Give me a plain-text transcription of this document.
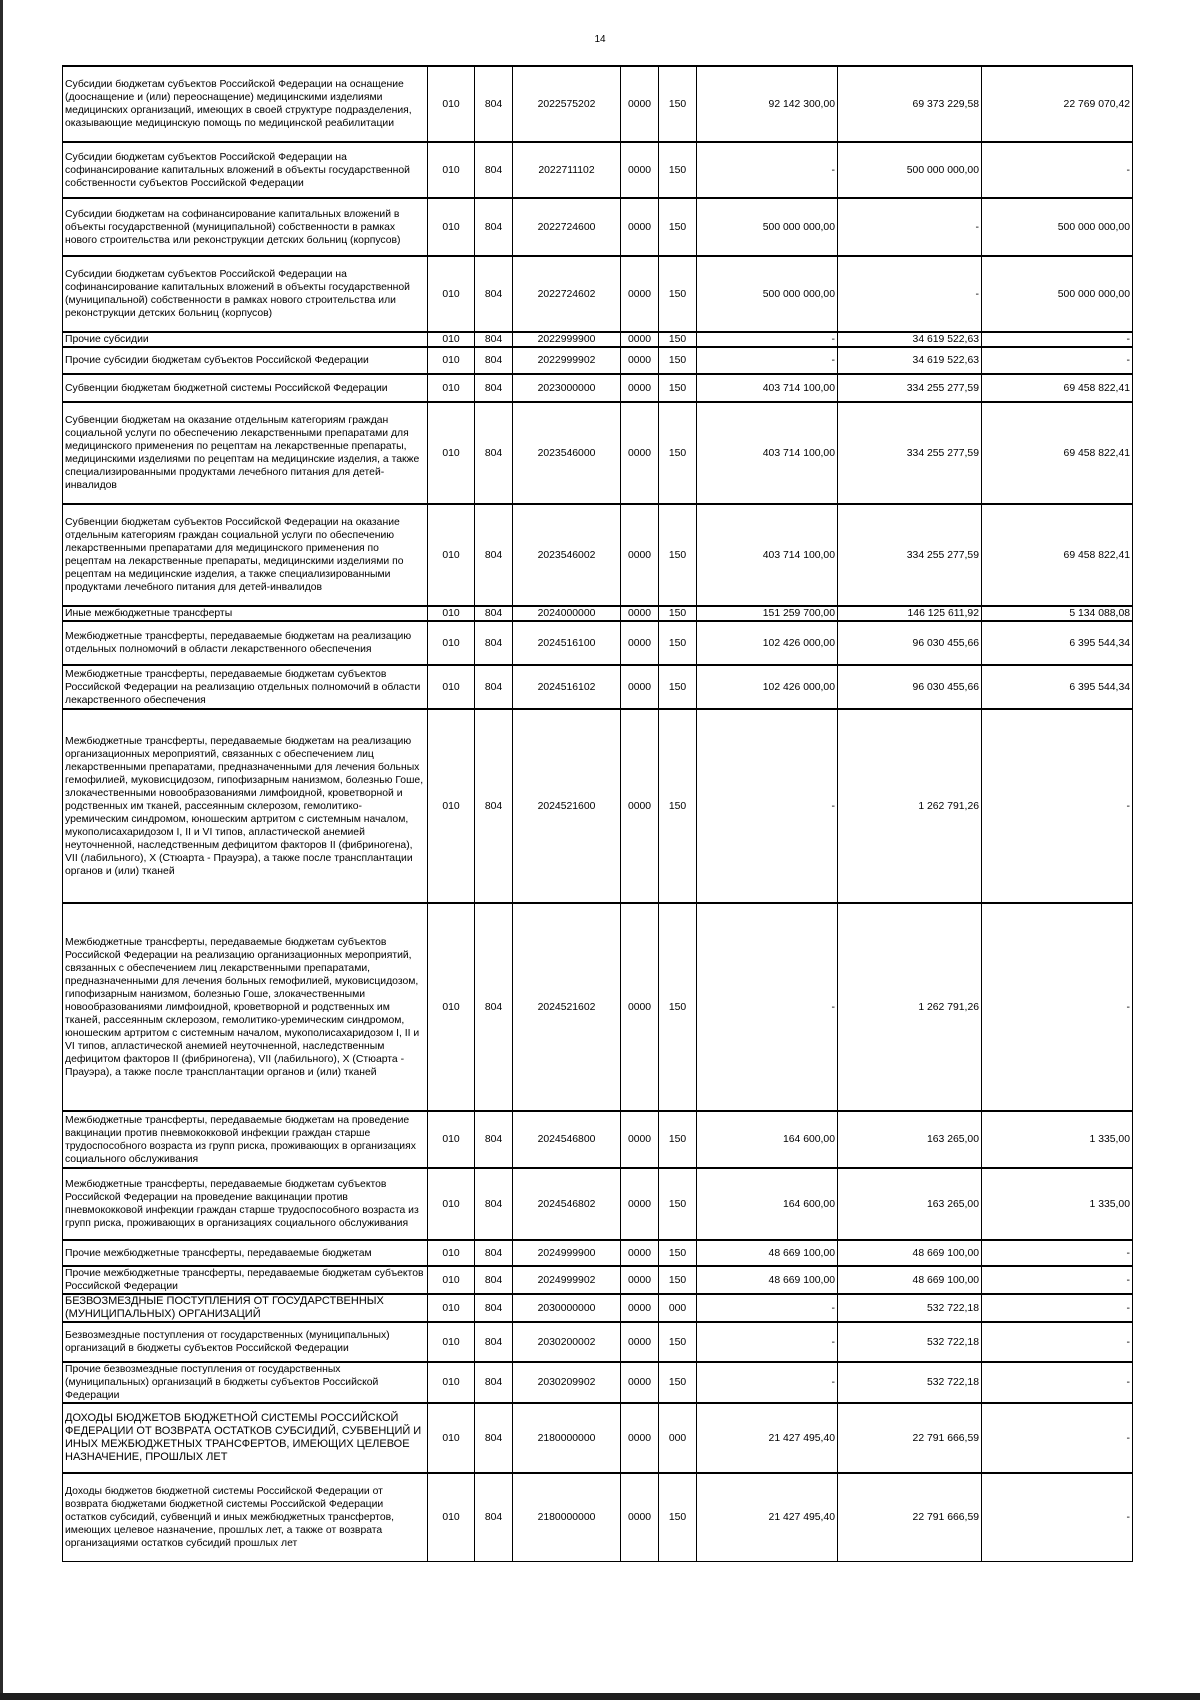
14
Субсидии бюджетам субъектов Российской Федерации на оснащение (дооснащение и (или) переоснащение) медицинскими изделиями медицинских организаций, имеющих в своей структуре подразделения, оказывающие медицинскую помощь по медицинской реабилитации	010	804	2022575202	0000	150	92 142 300,00	69 373 229,58	22 769 070,42
Субсидии бюджетам субъектов Российской Федерации на софинансирование капитальных вложений в объекты государственной собственности субъектов Российской Федерации	010	804	2022711102	0000	150	-	500 000 000,00	-
Субсидии бюджетам на софинансирование капитальных вложений в объекты государственной (муниципальной) собственности в рамках нового строительства или реконструкции детских больниц (корпусов)	010	804	2022724600	0000	150	500 000 000,00	-	500 000 000,00
Субсидии бюджетам субъектов Российской Федерации на софинансирование капитальных вложений в объекты государственной (муниципальной) собственности в рамках нового строительства или реконструкции детских больниц (корпусов)	010	804	2022724602	0000	150	500 000 000,00	-	500 000 000,00
Прочие субсидии	010	804	2022999900	0000	150	-	34 619 522,63	-
Прочие субсидии бюджетам субъектов Российской Федерации	010	804	2022999902	0000	150	-	34 619 522,63	-
Субвенции бюджетам бюджетной системы Российской Федерации	010	804	2023000000	0000	150	403 714 100,00	334 255 277,59	69 458 822,41
Субвенции бюджетам на оказание отдельным категориям граждан социальной услуги по обеспечению лекарственными препаратами для медицинского применения по рецептам на лекарственные препараты, медицинскими изделиями по рецептам на медицинские изделия, а также специализированными продуктами лечебного питания для детей-инвалидов	010	804	2023546000	0000	150	403 714 100,00	334 255 277,59	69 458 822,41
Субвенции бюджетам субъектов Российской Федерации на оказание отдельным категориям граждан социальной услуги по обеспечению лекарственными препаратами для медицинского применения по рецептам на лекарственные препараты, медицинскими изделиями по рецептам на медицинские изделия, а также специализированными продуктами лечебного питания для детей-инвалидов	010	804	2023546002	0000	150	403 714 100,00	334 255 277,59	69 458 822,41
Иные межбюджетные трансферты	010	804	2024000000	0000	150	151 259 700,00	146 125 611,92	5 134 088,08
Межбюджетные трансферты, передаваемые бюджетам на реализацию отдельных полномочий в области лекарственного обеспечения	010	804	2024516100	0000	150	102 426 000,00	96 030 455,66	6 395 544,34
Межбюджетные трансферты, передаваемые бюджетам субъектов Российской Федерации на реализацию отдельных полномочий в области лекарственного обеспечения	010	804	2024516102	0000	150	102 426 000,00	96 030 455,66	6 395 544,34
Межбюджетные трансферты, передаваемые бюджетам на реализацию организационных мероприятий, связанных с обеспечением лиц лекарственными препаратами, предназначенными для лечения больных гемофилией, муковисцидозом, гипофизарным нанизмом, болезнью Гоше, злокачественными новообразованиями лимфоидной, кроветворной и родственных им тканей, рассеянным склерозом, гемолитико-уремическим синдромом, юношеским артритом с системным началом, мукополисахаридозом I, II и VI типов, апластической анемией неуточненной, наследственным дефицитом факторов II (фибриногена), VII (лабильного), X (Стюарта - Прауэра), а также после трансплантации органов и (или) тканей	010	804	2024521600	0000	150	-	1 262 791,26	-
Межбюджетные трансферты, передаваемые бюджетам субъектов Российской Федерации на реализацию организационных мероприятий, связанных с обеспечением лиц лекарственными препаратами, предназначенными для лечения больных гемофилией, муковисцидозом, гипофизарным нанизмом, болезнью Гоше, злокачественными новообразованиями лимфоидной, кроветворной и родственных им тканей, рассеянным склерозом, гемолитико-уремическим синдромом, юношеским артритом с системным началом, мукополисахаридозом I, II и VI типов, апластической анемией неуточненной, наследственным дефицитом факторов II (фибриногена), VII (лабильного), X (Стюарта - Прауэра), а также после трансплантации органов и (или) тканей	010	804	2024521602	0000	150	-	1 262 791,26	-
Межбюджетные трансферты, передаваемые бюджетам на проведение вакцинации против пневмококковой инфекции граждан старше трудоспособного возраста из групп риска, проживающих в организациях социального обслуживания	010	804	2024546800	0000	150	164 600,00	163 265,00	1 335,00
Межбюджетные трансферты, передаваемые бюджетам субъектов Российской Федерации на проведение вакцинации против пневмококковой инфекции граждан старше трудоспособного возраста из групп риска, проживающих в организациях социального обслуживания	010	804	2024546802	0000	150	164 600,00	163 265,00	1 335,00
Прочие межбюджетные трансферты, передаваемые бюджетам	010	804	2024999900	0000	150	48 669 100,00	48 669 100,00	-
Прочие межбюджетные трансферты, передаваемые бюджетам субъектов Российской Федерации	010	804	2024999902	0000	150	48 669 100,00	48 669 100,00	-
БЕЗВОЗМЕЗДНЫЕ ПОСТУПЛЕНИЯ ОТ ГОСУДАРСТВЕННЫХ (МУНИЦИПАЛЬНЫХ) ОРГАНИЗАЦИЙ	010	804	2030000000	0000	000	-	532 722,18	-
Безвозмездные поступления от государственных (муниципальных) организаций в бюджеты субъектов Российской Федерации	010	804	2030200002	0000	150	-	532 722,18	-
Прочие безвозмездные поступления от государственных (муниципальных) организаций в бюджеты субъектов Российской Федерации	010	804	2030209902	0000	150	-	532 722,18	-
ДОХОДЫ БЮДЖЕТОВ БЮДЖЕТНОЙ СИСТЕМЫ РОССИЙСКОЙ ФЕДЕРАЦИИ ОТ ВОЗВРАТА ОСТАТКОВ СУБСИДИЙ, СУБВЕНЦИЙ И ИНЫХ МЕЖБЮДЖЕТНЫХ ТРАНСФЕРТОВ, ИМЕЮЩИХ ЦЕЛЕВОЕ НАЗНАЧЕНИЕ, ПРОШЛЫХ ЛЕТ	010	804	2180000000	0000	000	21 427 495,40	22 791 666,59	-
Доходы бюджетов бюджетной системы Российской Федерации от возврата бюджетами бюджетной системы Российской Федерации остатков субсидий, субвенций и иных межбюджетных трансфертов, имеющих целевое назначение, прошлых лет, а также от возврата организациями остатков субсидий прошлых лет	010	804	2180000000	0000	150	21 427 495,40	22 791 666,59	-
